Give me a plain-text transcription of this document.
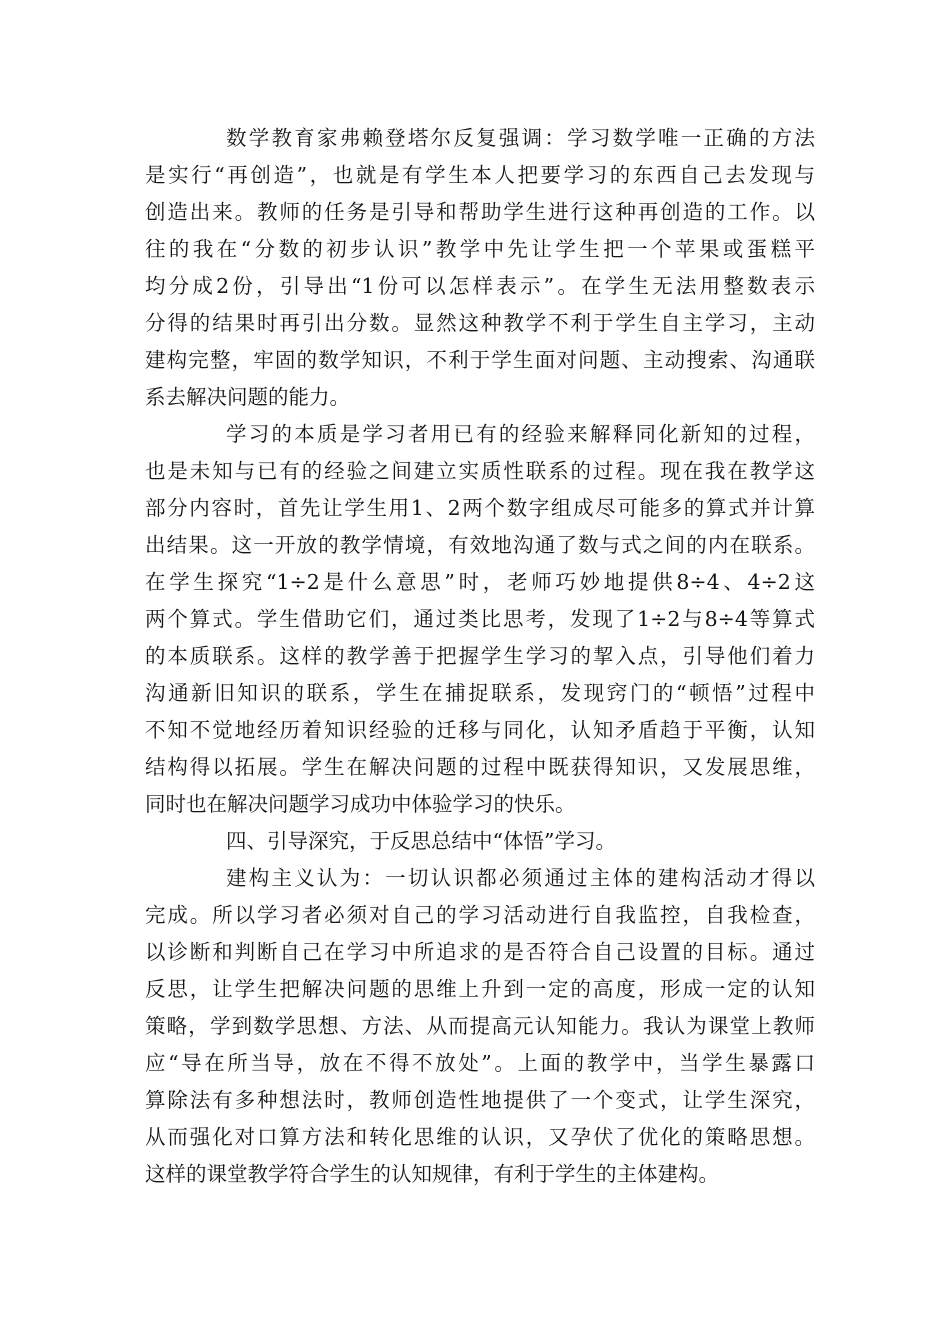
数学教育家弗赖登塔尔反复强调：学习数学唯一正确的方法
是实行“再创造”，也就是有学生本人把要学习的东西自己去发现与
创造出来。教师的任务是引导和帮助学生进行这种再创造的工作。以
往的我在“分数的初步认识”教学中先让学生把一个苹果或蛋糕平
均分成2份，引导出“1份可以怎样表示”。在学生无法用整数表示
分得的结果时再引出分数。显然这种教学不利于学生自主学习，主动
建构完整，牢固的数学知识，不利于学生面对问题、主动搜索、沟通联
系去解决问题的能力。
学习的本质是学习者用已有的经验来解释同化新知的过程，
也是未知与已有的经验之间建立实质性联系的过程。现在我在教学这
部分内容时，首先让学生用1、2两个数字组成尽可能多的算式并计算
出结果。这一开放的教学情境，有效地沟通了数与式之间的内在联系。
在学生探究“1÷2是什么意思”时，老师巧妙地提供8÷4、4÷2这
两个算式。学生借助它们，通过类比思考，发现了1÷2与8÷4等算式
的本质联系。这样的教学善于把握学生学习的挈入点，引导他们着力
沟通新旧知识的联系，学生在捕捉联系，发现窍门的“顿悟”过程中
不知不觉地经历着知识经验的迁移与同化，认知矛盾趋于平衡，认知
结构得以拓展。学生在解决问题的过程中既获得知识，又发展思维，
同时也在解决问题学习成功中体验学习的快乐。
四、引导深究，于反思总结中“体悟”学习。
建构主义认为：一切认识都必须通过主体的建构活动才得以
完成。所以学习者必须对自己的学习活动进行自我监控，自我检查，
以诊断和判断自己在学习中所追求的是否符合自己设置的目标。通过
反思，让学生把解决问题的思维上升到一定的高度，形成一定的认知
策略，学到数学思想、方法、从而提高元认知能力。我认为课堂上教师
应“导在所当导，放在不得不放处”。上面的教学中，当学生暴露口
算除法有多种想法时，教师创造性地提供了一个变式，让学生深究，
从而强化对口算方法和转化思维的认识，又孕伏了优化的策略思想。
这样的课堂教学符合学生的认知规律，有利于学生的主体建构。
